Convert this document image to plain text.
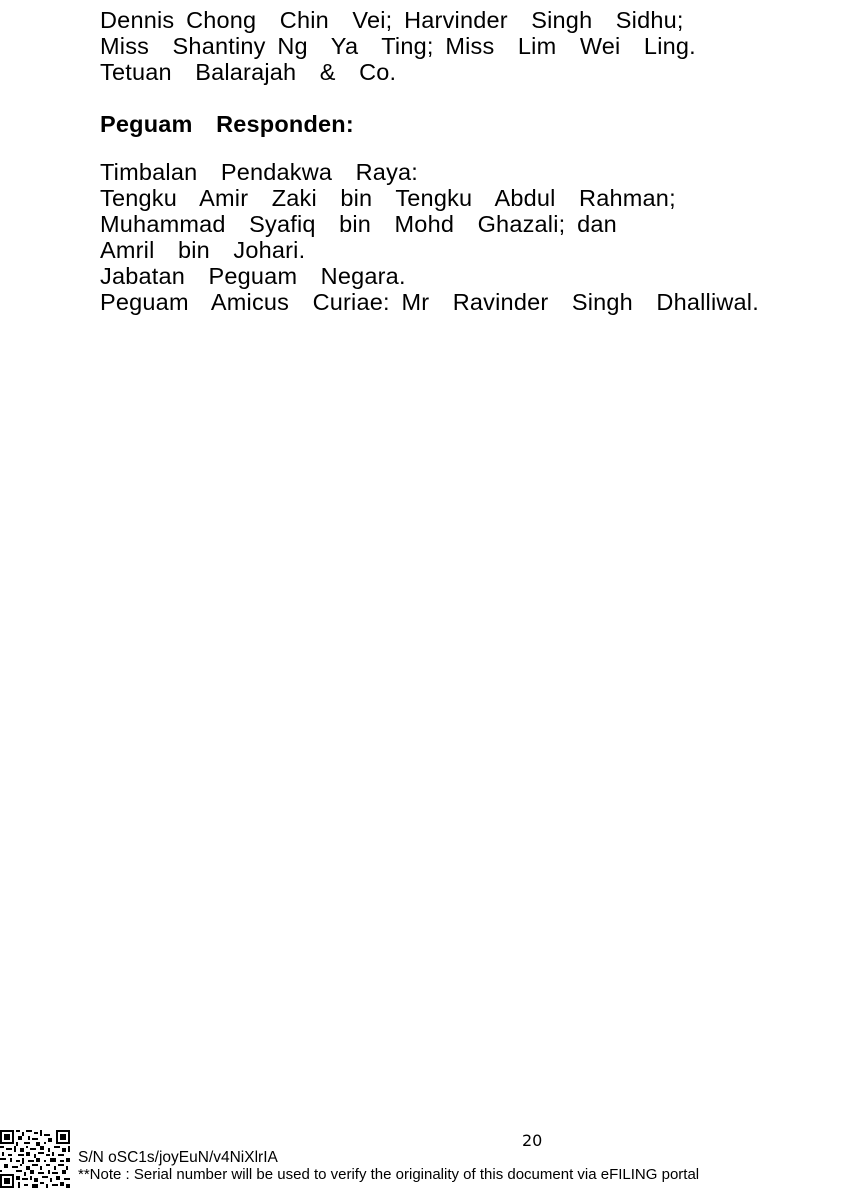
Dennis Chong  Chin  Vei; Harvinder  Singh  Sidhu;
Miss  Shantiny Ng  Ya  Ting; Miss  Lim  Wei  Ling.
Tetuan  Balarajah  &  Co.
Peguam  Responden:
Timbalan  Pendakwa  Raya:
Tengku  Amir  Zaki  bin  Tengku  Abdul  Rahman;
Muhammad  Syafiq  bin  Mohd  Ghazali; dan
Amril  bin  Johari.
Jabatan  Peguam  Negara.
Peguam  Amicus  Curiae: Mr  Ravinder  Singh  Dhalliwal.
20
S/N oSC1s/joyEuN/v4NiXlrIA
**Note : Serial number will be used to verify the originality of this document via eFILING portal
